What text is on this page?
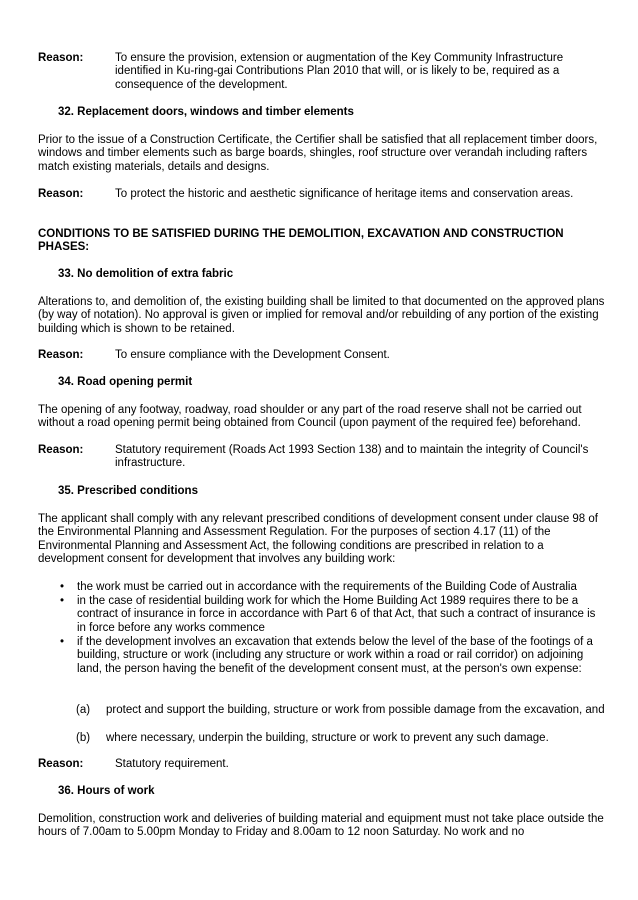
Reason:	To ensure the provision, extension or augmentation of the Key Community Infrastructure identified in Ku-ring-gai Contributions Plan 2010 that will, or is likely to be, required as a consequence of the development.
32. Replacement doors, windows and timber elements
Prior to the issue of a Construction Certificate, the Certifier shall be satisfied that all replacement timber doors, windows and timber elements such as barge boards, shingles, roof structure over verandah including rafters match existing materials, details and designs.
Reason:	To protect the historic and aesthetic significance of heritage items and conservation areas.
CONDITIONS TO BE SATISFIED DURING THE DEMOLITION, EXCAVATION AND CONSTRUCTION PHASES:
33. No demolition of extra fabric
Alterations to, and demolition of, the existing building shall be limited to that documented on the approved plans (by way of notation). No approval is given or implied for removal and/or rebuilding of any portion of the existing building which is shown to be retained.
Reason:	To ensure compliance with the Development Consent.
34. Road opening permit
The opening of any footway, roadway, road shoulder or any part of the road reserve shall not be carried out without a road opening permit being obtained from Council (upon payment of the required fee) beforehand.
Reason:	Statutory requirement (Roads Act 1993 Section 138) and to maintain the integrity of Council's infrastructure.
35. Prescribed conditions
The applicant shall comply with any relevant prescribed conditions of development consent under clause 98 of the Environmental Planning and Assessment Regulation. For the purposes of section 4.17 (11) of the Environmental Planning and Assessment Act, the following conditions are prescribed in relation to a development consent for development that involves any building work:
• the work must be carried out in accordance with the requirements of the Building Code of Australia
• in the case of residential building work for which the Home Building Act 1989 requires there to be a contract of insurance in force in accordance with Part 6 of that Act, that such a contract of insurance is in force before any works commence
• if the development involves an excavation that extends below the level of the base of the footings of a building, structure or work (including any structure or work within a road or rail corridor) on adjoining land, the person having the benefit of the development consent must, at the person's own expense:
(a)	protect and support the building, structure or work from possible damage from the excavation, and
(b)	where necessary, underpin the building, structure or work to prevent any such damage.
Reason:	Statutory requirement.
36. Hours of work
Demolition, construction work and deliveries of building material and equipment must not take place outside the hours of 7.00am to 5.00pm Monday to Friday and 8.00am to 12 noon Saturday. No work and no
